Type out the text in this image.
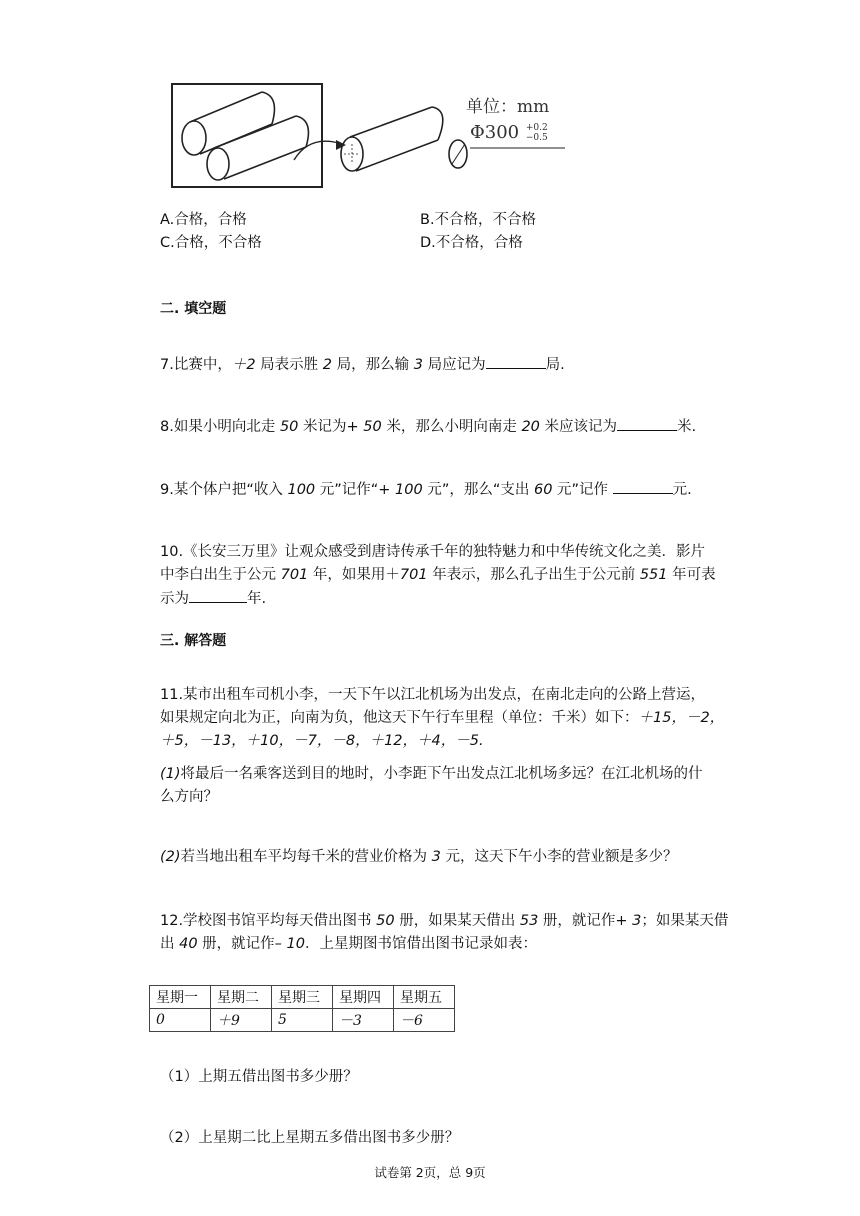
单位：mm
Φ300 +0.2
−0.5
A.合格，合格	B.不合格，不合格
C.合格，不合格	D.不合格，合格
二. 填空题
7.比赛中，＋2 局表示胜 2 局，那么输 3 局应记为	局.
8.如果小明向北走 50 米记为+ 50 米，那么小明向南走 20 米应该记为	米.
9.某个体户把“收入 100 元”记作“+ 100 元”，那么“支出 60 元”记作	元.
10.《长安三万里》让观众感受到唐诗传承千年的独特魅力和中华传统文化之美．影片
中李白出生于公元 701 年，如果用＋701 年表示，那么孔子出生于公元前 551 年可表
示为	年.
三. 解答题
11.某市出租车司机小李，一天下午以江北机场为出发点，在南北走向的公路上营运，
如果规定向北为正，向南为负，他这天下午行车里程（单位：千米）如下：＋15，－2，
＋5，－13，＋10，－7，－8，＋12，＋4，－5.
(1)将最后一名乘客送到目的地时，小李距下午出发点江北机场多远？在江北机场的什
么方向？
(2)若当地出租车平均每千米的营业价格为 3 元，这天下午小李的营业额是多少？
12.学校图书馆平均每天借出图书 50 册，如果某天借出 53 册，就记作+ 3；如果某天借
出 40 册，就记作– 10．上星期图书馆借出图书记录如表：
星期一	星期二	星期三	星期四	星期五
0	＋9	5	－3	－6
（1）上期五借出图书多少册？
（2）上星期二比上星期五多借出图书多少册？
试卷第 2页，总 9页
